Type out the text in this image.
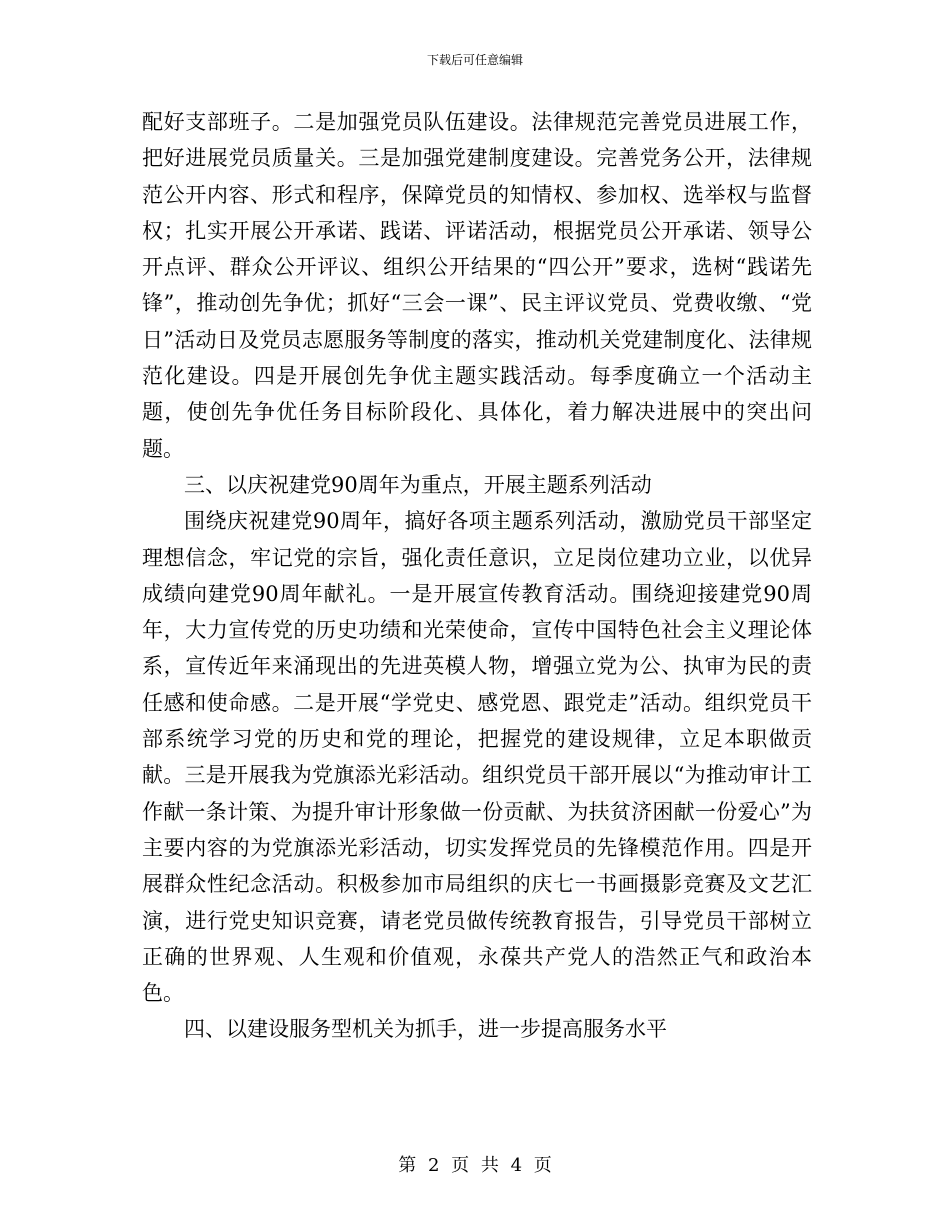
下载后可任意编辑

配好支部班子。二是加强党员队伍建设。法律规范完善党员进展工作，把好进展党员质量关。三是加强党建制度建设。完善党务公开，法律规范公开内容、形式和程序，保障党员的知情权、参加权、选举权与监督权；扎实开展公开承诺、践诺、评诺活动，根据党员公开承诺、领导公开点评、群众公开评议、组织公开结果的“四公开”要求，选树“践诺先锋”，推动创先争优；抓好“三会一课”、民主评议党员、党费收缴、“党日”活动日及党员志愿服务等制度的落实，推动机关党建制度化、法律规范化建设。四是开展创先争优主题实践活动。每季度确立一个活动主题，使创先争优任务目标阶段化、具体化，着力解决进展中的突出问题。

三、以庆祝建党90周年为重点，开展主题系列活动

围绕庆祝建党90周年，搞好各项主题系列活动，激励党员干部坚定理想信念，牢记党的宗旨，强化责任意识，立足岗位建功立业，以优异成绩向建党90周年献礼。一是开展宣传教育活动。围绕迎接建党90周年，大力宣传党的历史功绩和光荣使命，宣传中国特色社会主义理论体系，宣传近年来涌现出的先进英模人物，增强立党为公、执审为民的责任感和使命感。二是开展“学党史、感党恩、跟党走”活动。组织党员干部系统学习党的历史和党的理论，把握党的建设规律，立足本职做贡献。三是开展我为党旗添光彩活动。组织党员干部开展以“为推动审计工作献一条计策、为提升审计形象做一份贡献、为扶贫济困献一份爱心”为主要内容的为党旗添光彩活动，切实发挥党员的先锋模范作用。四是开展群众性纪念活动。积极参加市局组织的庆七一书画摄影竞赛及文艺汇演，进行党史知识竞赛，请老党员做传统教育报告，引导党员干部树立正确的世界观、人生观和价值观，永葆共产党人的浩然正气和政治本色。

四、以建设服务型机关为抓手，进一步提高服务水平

第 2 页 共 4 页
